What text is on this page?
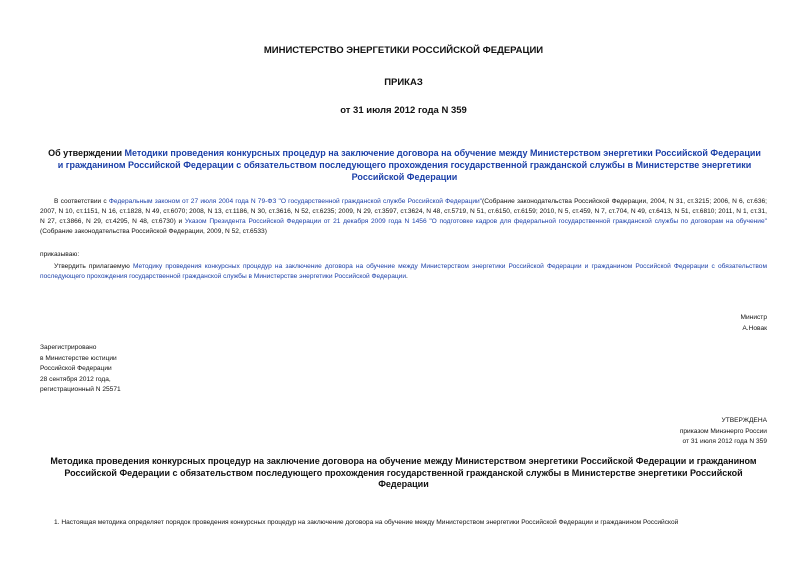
МИНИСТЕРСТВО ЭНЕРГЕТИКИ РОССИЙСКОЙ ФЕДЕРАЦИИ
ПРИКАЗ
от 31 июля 2012 года N 359
Об утверждении Методики проведения конкурсных процедур на заключение договора на обучение между Министерством энергетики Российской Федерации и гражданином Российской Федерации с обязательством последующего прохождения государственной гражданской службы в Министерстве энергетики Российской Федерации
В соответствии с Федеральным законом от 27 июля 2004 года N 79-ФЗ "О государственной гражданской службе Российской Федерации"(Собрание законодательства Российской Федерации, 2004, N 31, ст.3215; 2006, N 6, ст.636; 2007, N 10, ст.1151, N 16, ст.1828, N 49, ст.6070; 2008, N 13, ст.1186, N 30, ст.3616, N 52, ст.6235; 2009, N 29, ст.3597, ст.3624, N 48, ст.5719, N 51, ст.6150, ст.6159; 2010, N 5, ст.459, N 7, ст.704, N 49, ст.6413, N 51, ст.6810; 2011, N 1, ст.31, N 27, ст.3866, N 29, ст.4295, N 48, ст.6730) и Указом Президента Российской Федерации от 21 декабря 2009 года N 1456 "О подготовке кадров для федеральной государственной гражданской службы по договорам на обучение" (Собрание законодательства Российской Федерации, 2009, N 52, ст.6533)
приказываю:
Утвердить прилагаемую Методику проведения конкурсных процедур на заключение договора на обучение между Министерством энергетики Российской Федерации и гражданином Российской Федерации с обязательством последующего прохождения государственной гражданской службы в Министерстве энергетики Российской Федерации.
Министр
А.Новак
Зарегистрировано
в Министерстве юстиции
Российской Федерации
28 сентября 2012 года,
регистрационный N 25571
УТВЕРЖДЕНА
приказом Минэнерго России
от 31 июля 2012 года N 359
Методика проведения конкурсных процедур на заключение договора на обучение между Министерством энергетики Российской Федерации и гражданином Российской Федерации с обязательством последующего прохождения государственной гражданской службы в Министерстве энергетики Российской Федерации
1. Настоящая методика определяет порядок проведения конкурсных процедур на заключение договора на обучение между Министерством энергетики Российской Федерации и гражданином Российской
